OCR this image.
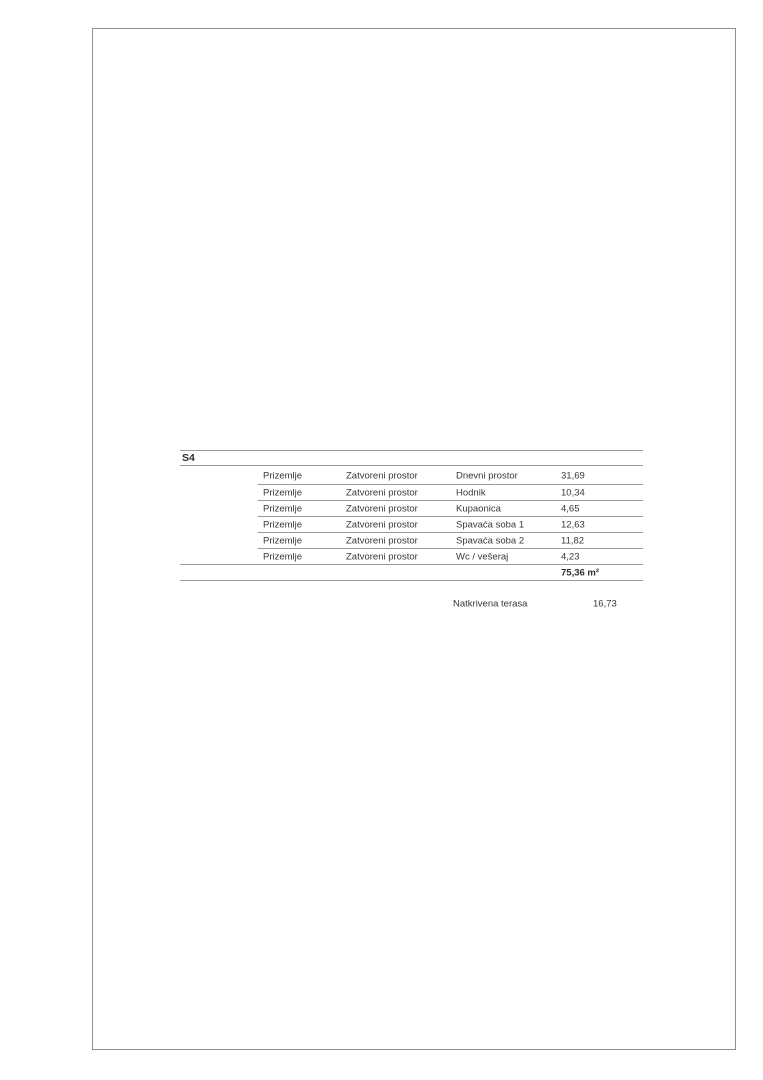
S4
Prizemlje	Zatvoreni prostor	Dnevni prostor	31,69
Prizemlje	Zatvoreni prostor	Hodnik	10,34
Prizemlje	Zatvoreni prostor	Kupaonica	4,65
Prizemlje	Zatvoreni prostor	Spavaća soba 1	12,63
Prizemlje	Zatvoreni prostor	Spavaća soba 2	11,82
Prizemlje	Zatvoreni prostor	Wc / vešeraj	4,23
75,36 m²
Natkrivena terasa	16,73
